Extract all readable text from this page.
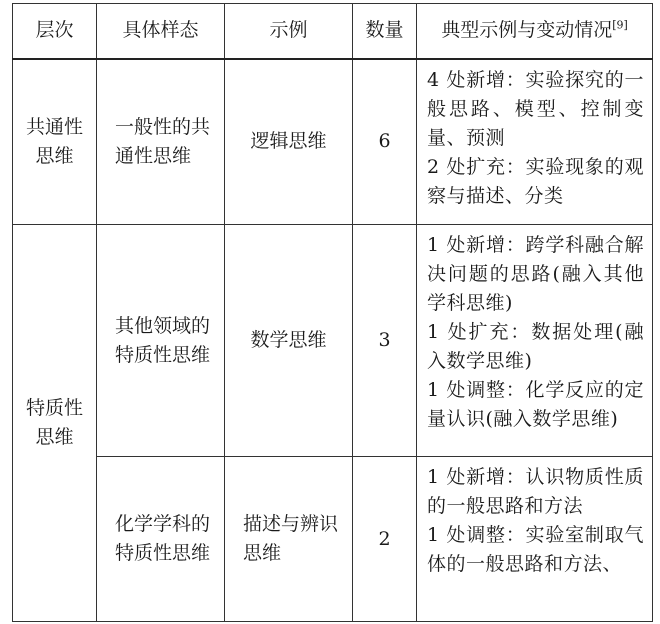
层次	具体样态	示例	数量	典型示例与变动情况[9]
共通性思维	一般性的共通性思维	逻辑思维	6	4 处新增：实验探究的一般思路、模型、控制变量、预测
2 处扩充：实验现象的观察与描述、分类

特质性思维	其他领域的特质性思维	数学思维	3	1 处新增：跨学科融合解决问题的思路(融入其他学科思维)
1 处扩充：数据处理(融入数学思维)
1 处调整：化学反应的定量认识(融入数学思维)

	化学学科的特质性思维	描述与辨识思维	2	1 处新增：认识物质性质的一般思路和方法
1 处调整：实验室制取气体的一般思路和方法、
